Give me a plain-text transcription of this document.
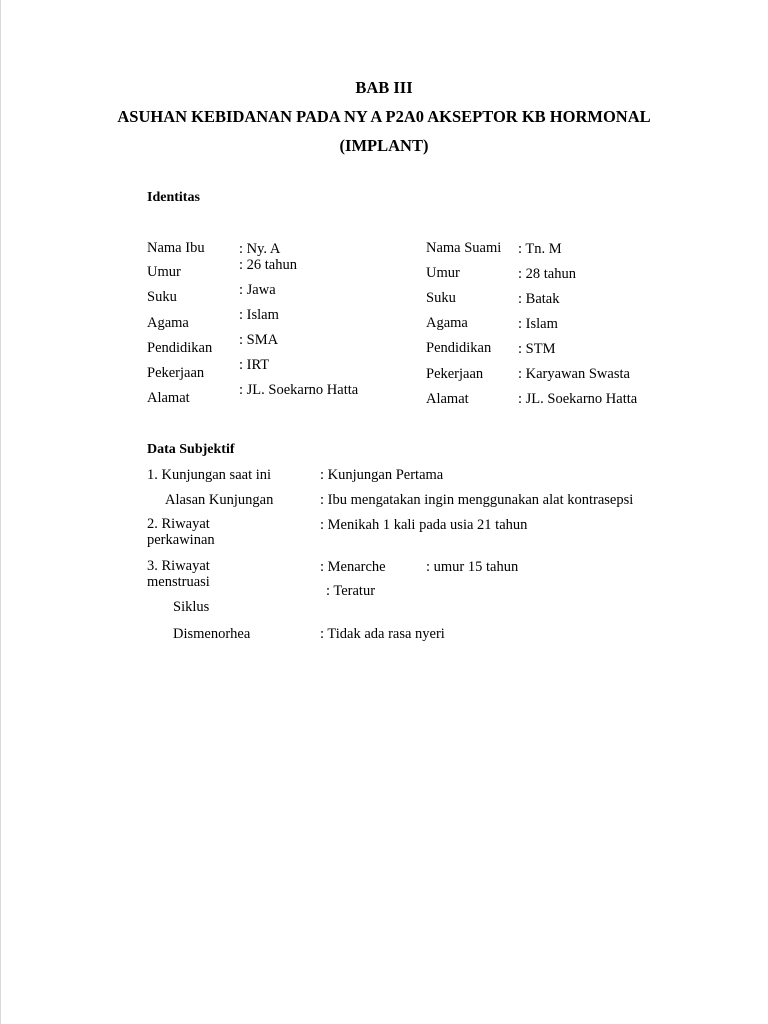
BAB III
ASUHAN KEBIDANAN PADA NY A P2A0 AKSEPTOR KB HORMONAL
(IMPLANT)
Identitas
Nama Ibu : Ny. A
Umur	: 26 tahun
Suku	: Jawa
Agama	: Islam
Pendidikan : SMA
Pekerjaan : IRT
Alamat	: JL. Soekarno Hatta
Nama Suami : Tn. M
Umur	: 28 tahun
Suku	: Batak
Agama	: Islam
Pendidikan : STM
Pekerjaan : Karyawan Swasta
Alamat	: JL. Soekarno Hatta
Data Subjektif
1. Kunjungan saat ini	: Kunjungan Pertama
Alasan Kunjungan	: Ibu mengatakan ingin menggunakan alat kontrasepsi
2. Riwayat
perkawinan
: Menikah 1 kali pada usia 21 tahun
3. Riwayat
menstruasi
: Menarche	: umur 15 tahun
Siklus
: Teratur
Dismenorhea	: Tidak ada rasa nyeri
